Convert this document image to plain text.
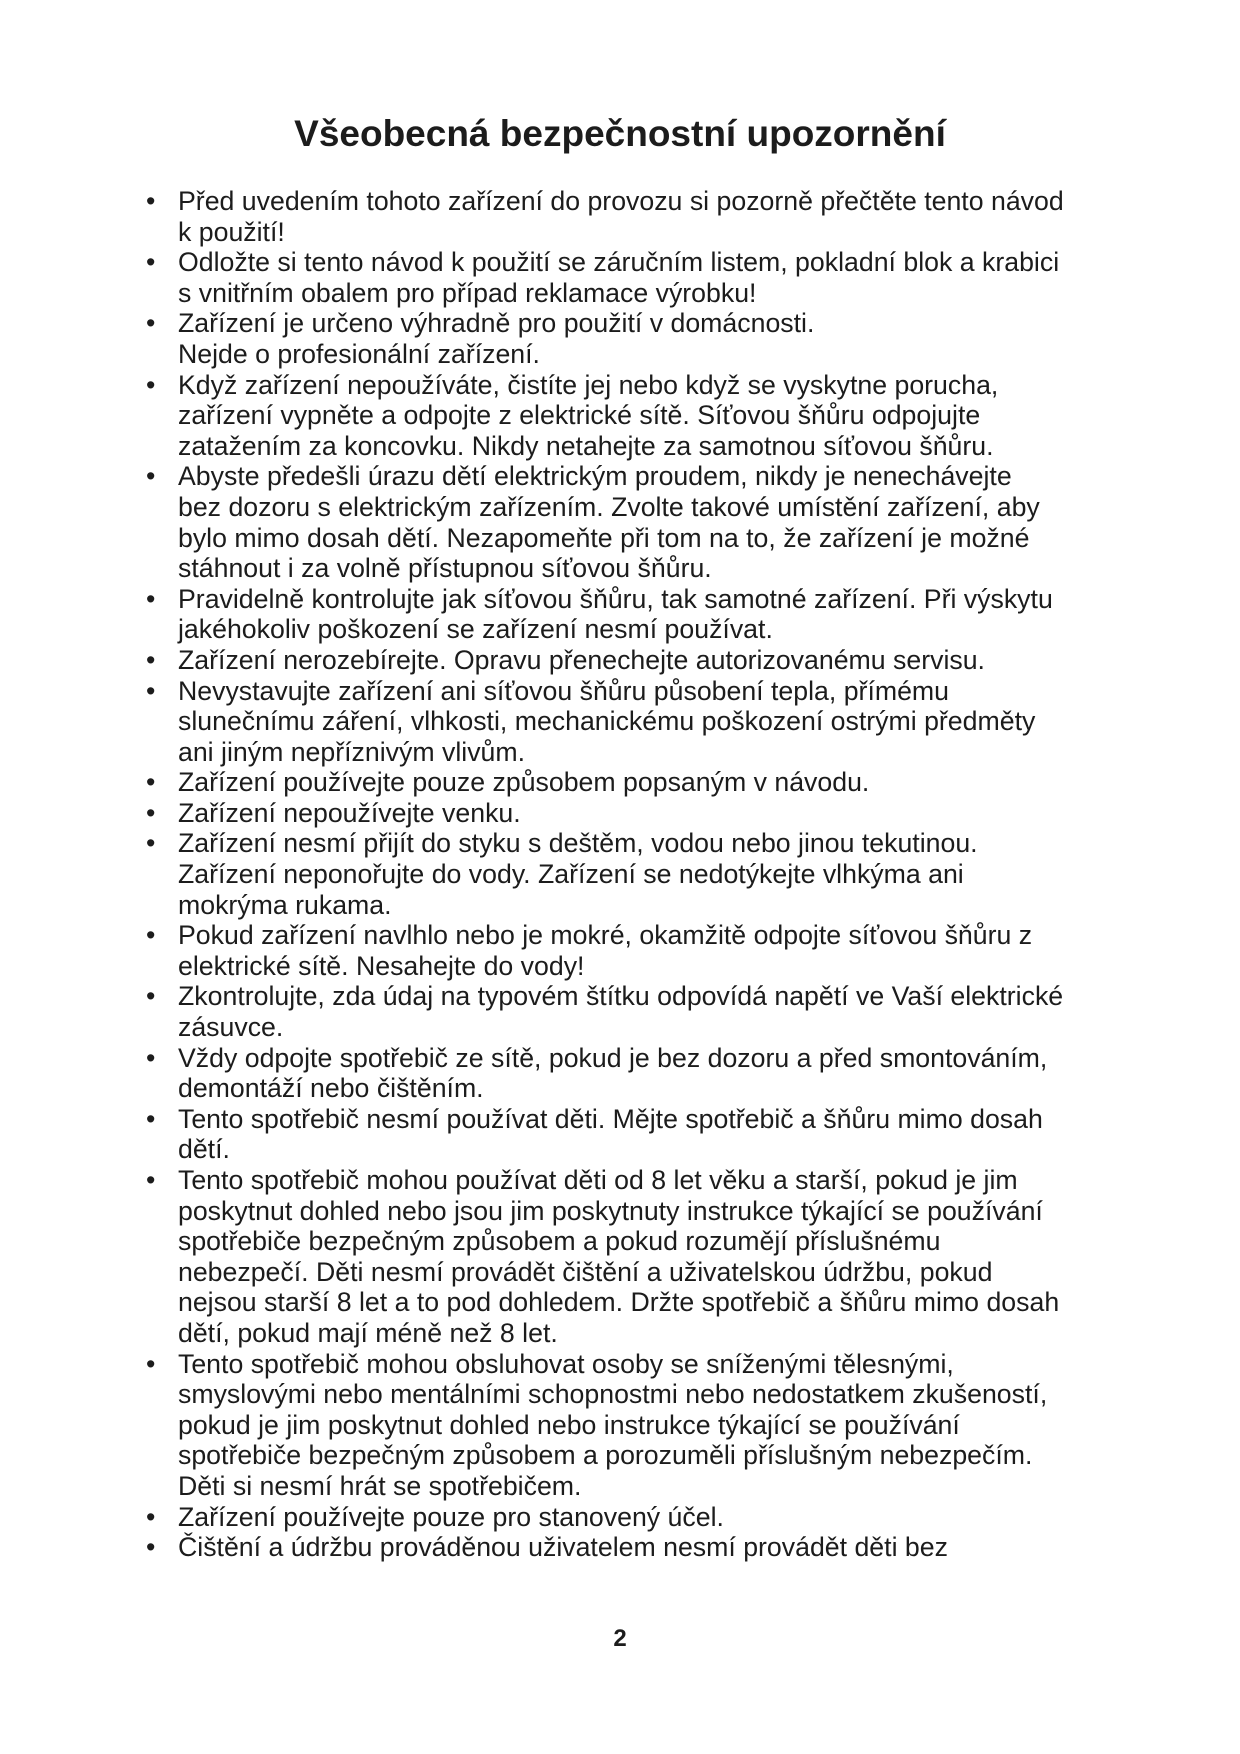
Všeobecná bezpečnostní upozornění
• Před uvedením tohoto zařízení do provozu si pozorně přečtěte tento návod
k použití!
• Odložte si tento návod k použití se záručním listem, pokladní blok a krabici
s vnitřním obalem pro případ reklamace výrobku!
• Zařízení je určeno výhradně pro použití v domácnosti.
Nejde o profesionální zařízení.
• Když zařízení nepoužíváte, čistíte jej nebo když se vyskytne porucha,
zařízení vypněte a odpojte z elektrické sítě. Síťovou šňůru odpojujte
zatažením za koncovku. Nikdy netahejte za samotnou síťovou šňůru.
• Abyste předešli úrazu dětí elektrickým proudem, nikdy je nenechávejte
bez dozoru s elektrickým zařízením. Zvolte takové umístění zařízení, aby
bylo mimo dosah dětí. Nezapomeňte při tom na to, že zařízení je možné
stáhnout i za volně přístupnou síťovou šňůru.
• Pravidelně kontrolujte jak síťovou šňůru, tak samotné zařízení. Při výskytu
jakéhokoliv poškození se zařízení nesmí používat.
• Zařízení nerozebírejte. Opravu přenechejte autorizovanému servisu.
• Nevystavujte zařízení ani síťovou šňůru působení tepla, přímému
slunečnímu záření, vlhkosti, mechanickému poškození ostrými předměty
ani jiným nepříznivým vlivům.
• Zařízení používejte pouze způsobem popsaným v návodu.
• Zařízení nepoužívejte venku.
• Zařízení nesmí přijít do styku s deštěm, vodou nebo jinou tekutinou.
Zařízení neponořujte do vody. Zařízení se nedotýkejte vlhkýma ani
mokrýma rukama.
• Pokud zařízení navlhlo nebo je mokré, okamžitě odpojte síťovou šňůru z
elektrické sítě. Nesahejte do vody!
• Zkontrolujte, zda údaj na typovém štítku odpovídá napětí ve Vaší elektrické
zásuvce.
• Vždy odpojte spotřebič ze sítě, pokud je bez dozoru a před smontováním,
demontáží nebo čištěním.
• Tento spotřebič nesmí používat děti. Mějte spotřebič a šňůru mimo dosah
dětí.
• Tento spotřebič mohou používat děti od 8 let věku a starší, pokud je jim
poskytnut dohled nebo jsou jim poskytnuty instrukce týkající se používání
spotřebiče bezpečným způsobem a pokud rozumějí příslušnému
nebezpečí. Děti nesmí provádět čištění a uživatelskou údržbu, pokud
nejsou starší 8 let a to pod dohledem. Držte spotřebič a šňůru mimo dosah
dětí, pokud mají méně než 8 let.
• Tento spotřebič mohou obsluhovat osoby se sníženými tělesnými,
smyslovými nebo mentálními schopnostmi nebo nedostatkem zkušeností,
pokud je jim poskytnut dohled nebo instrukce týkající se používání
spotřebiče bezpečným způsobem a porozuměli příslušným nebezpečím.
Děti si nesmí hrát se spotřebičem.
• Zařízení používejte pouze pro stanovený účel.
• Čištění a údržbu prováděnou uživatelem nesmí provádět děti bez
2
